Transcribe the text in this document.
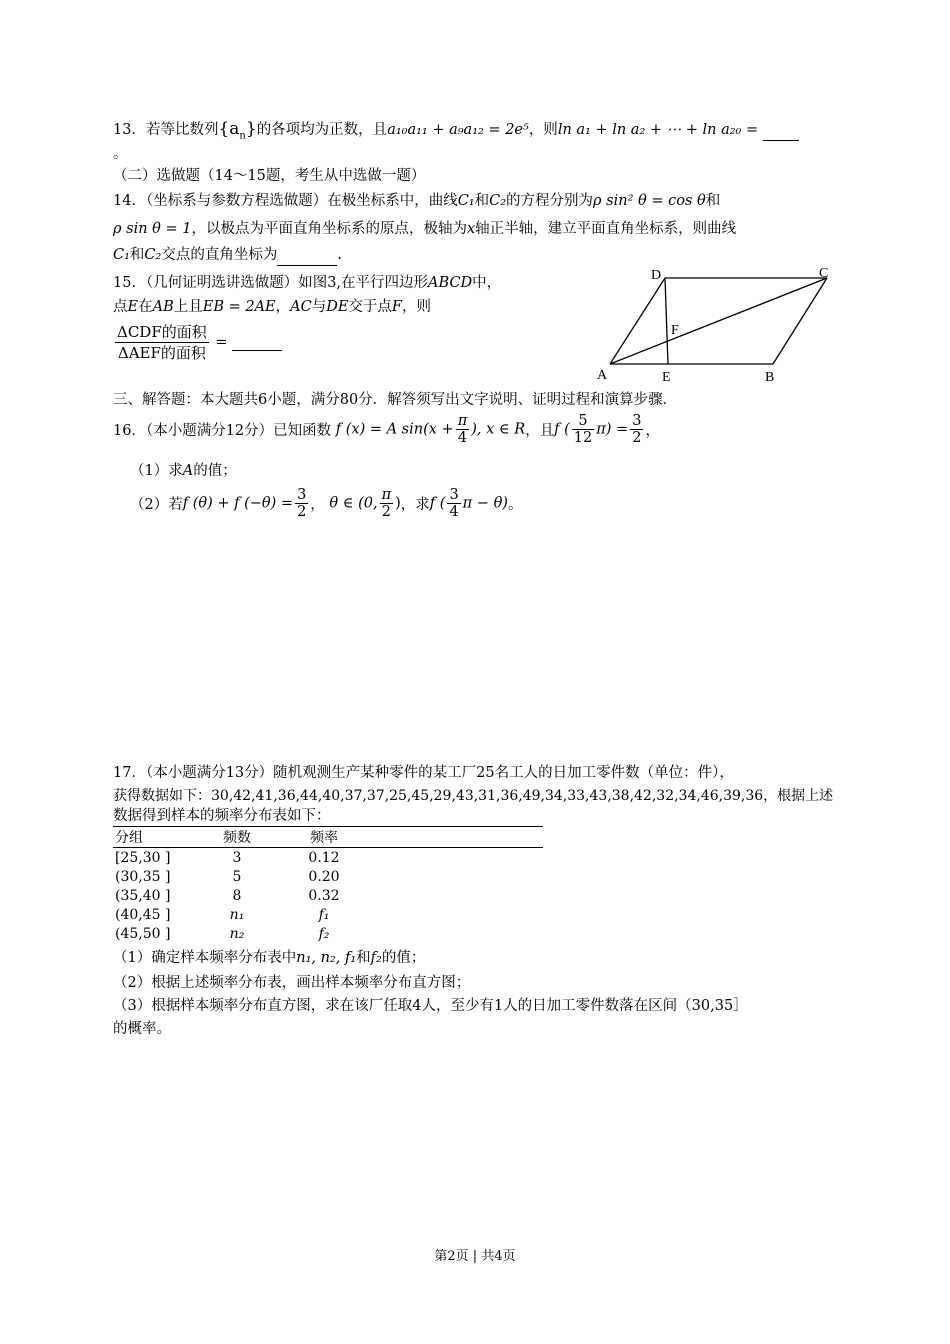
13．若等比数列$\{a_n\}$的各项均为正数，且a₁₀a₁₁ + a₉a₁₂ = 2e⁵，则ln a₁ + ln a₂ + ⋯ + ln a₂₀ =
。
（二）选做题（14～15题，考生从中选做一题）
14．（坐标系与参数方程选做题）在极坐标系中，曲线C₁和C₂的方程分别为ρ sin² θ = cos θ和
ρ sin θ = 1，以极点为平面直角坐标系的原点，极轴为x轴正半轴，建立平面直角坐标系，则曲线
C₁和C₂交点的直角坐标为	.
15．（几何证明选讲选做题）如图3,在平行四边形ABCD中，
点E在AB上且EB = 2AE，AC与DE交于点F，则
$\frac{\text{ΔCDF的面积}}{\text{ΔAEF的面积}}$ =
A	B
C
D
E
F
三、解答题：本大题共6小题，满分80分．解答须写出文字说明、证明过程和演算步骤．
16．（本小题满分12分）已知函数 f (x) = A $\sin(x + \frac{\pi}{4}$ ), x ∈ R，且f ( $\frac{5}{12} \pi) = \frac{3}{2}$ ，
（1）求A的值；
（2）若f (θ) + f $(-\theta) = \frac{3}{2}$ ， θ ∈ (0, $\frac{\pi}{2}$ )，求f ( $\frac{3}{4}$ π − θ)。
17．（本小题满分13分）随机观测生产某种零件的某工厂25名工人的日加工零件数（单位：件），
获得数据如下：30,42,41,36,44,40,37,37,25,45,29,43,31,36,49,34,33,43,38,42,32,34,46,39,36，根据上述
数据得到样本的频率分布表如下：
分组	频数	频率	
[25,30 ]	3	0.12	
(30,35 ]	5	0.20	
(35,40 ]	8	0.32	
(40,45 ]	n₁	f₁	
(45,50 ]	n₂	f₂	
（1）确定样本频率分布表中n₁, n₂, f₁和f₂的值；
（2）根据上述频率分布表，画出样本频率分布直方图；
（3）根据样本频率分布直方图，求在该厂任取4人，至少有1人的日加工零件数落在区间（30,35］
的概率。
第2页 | 共4页
